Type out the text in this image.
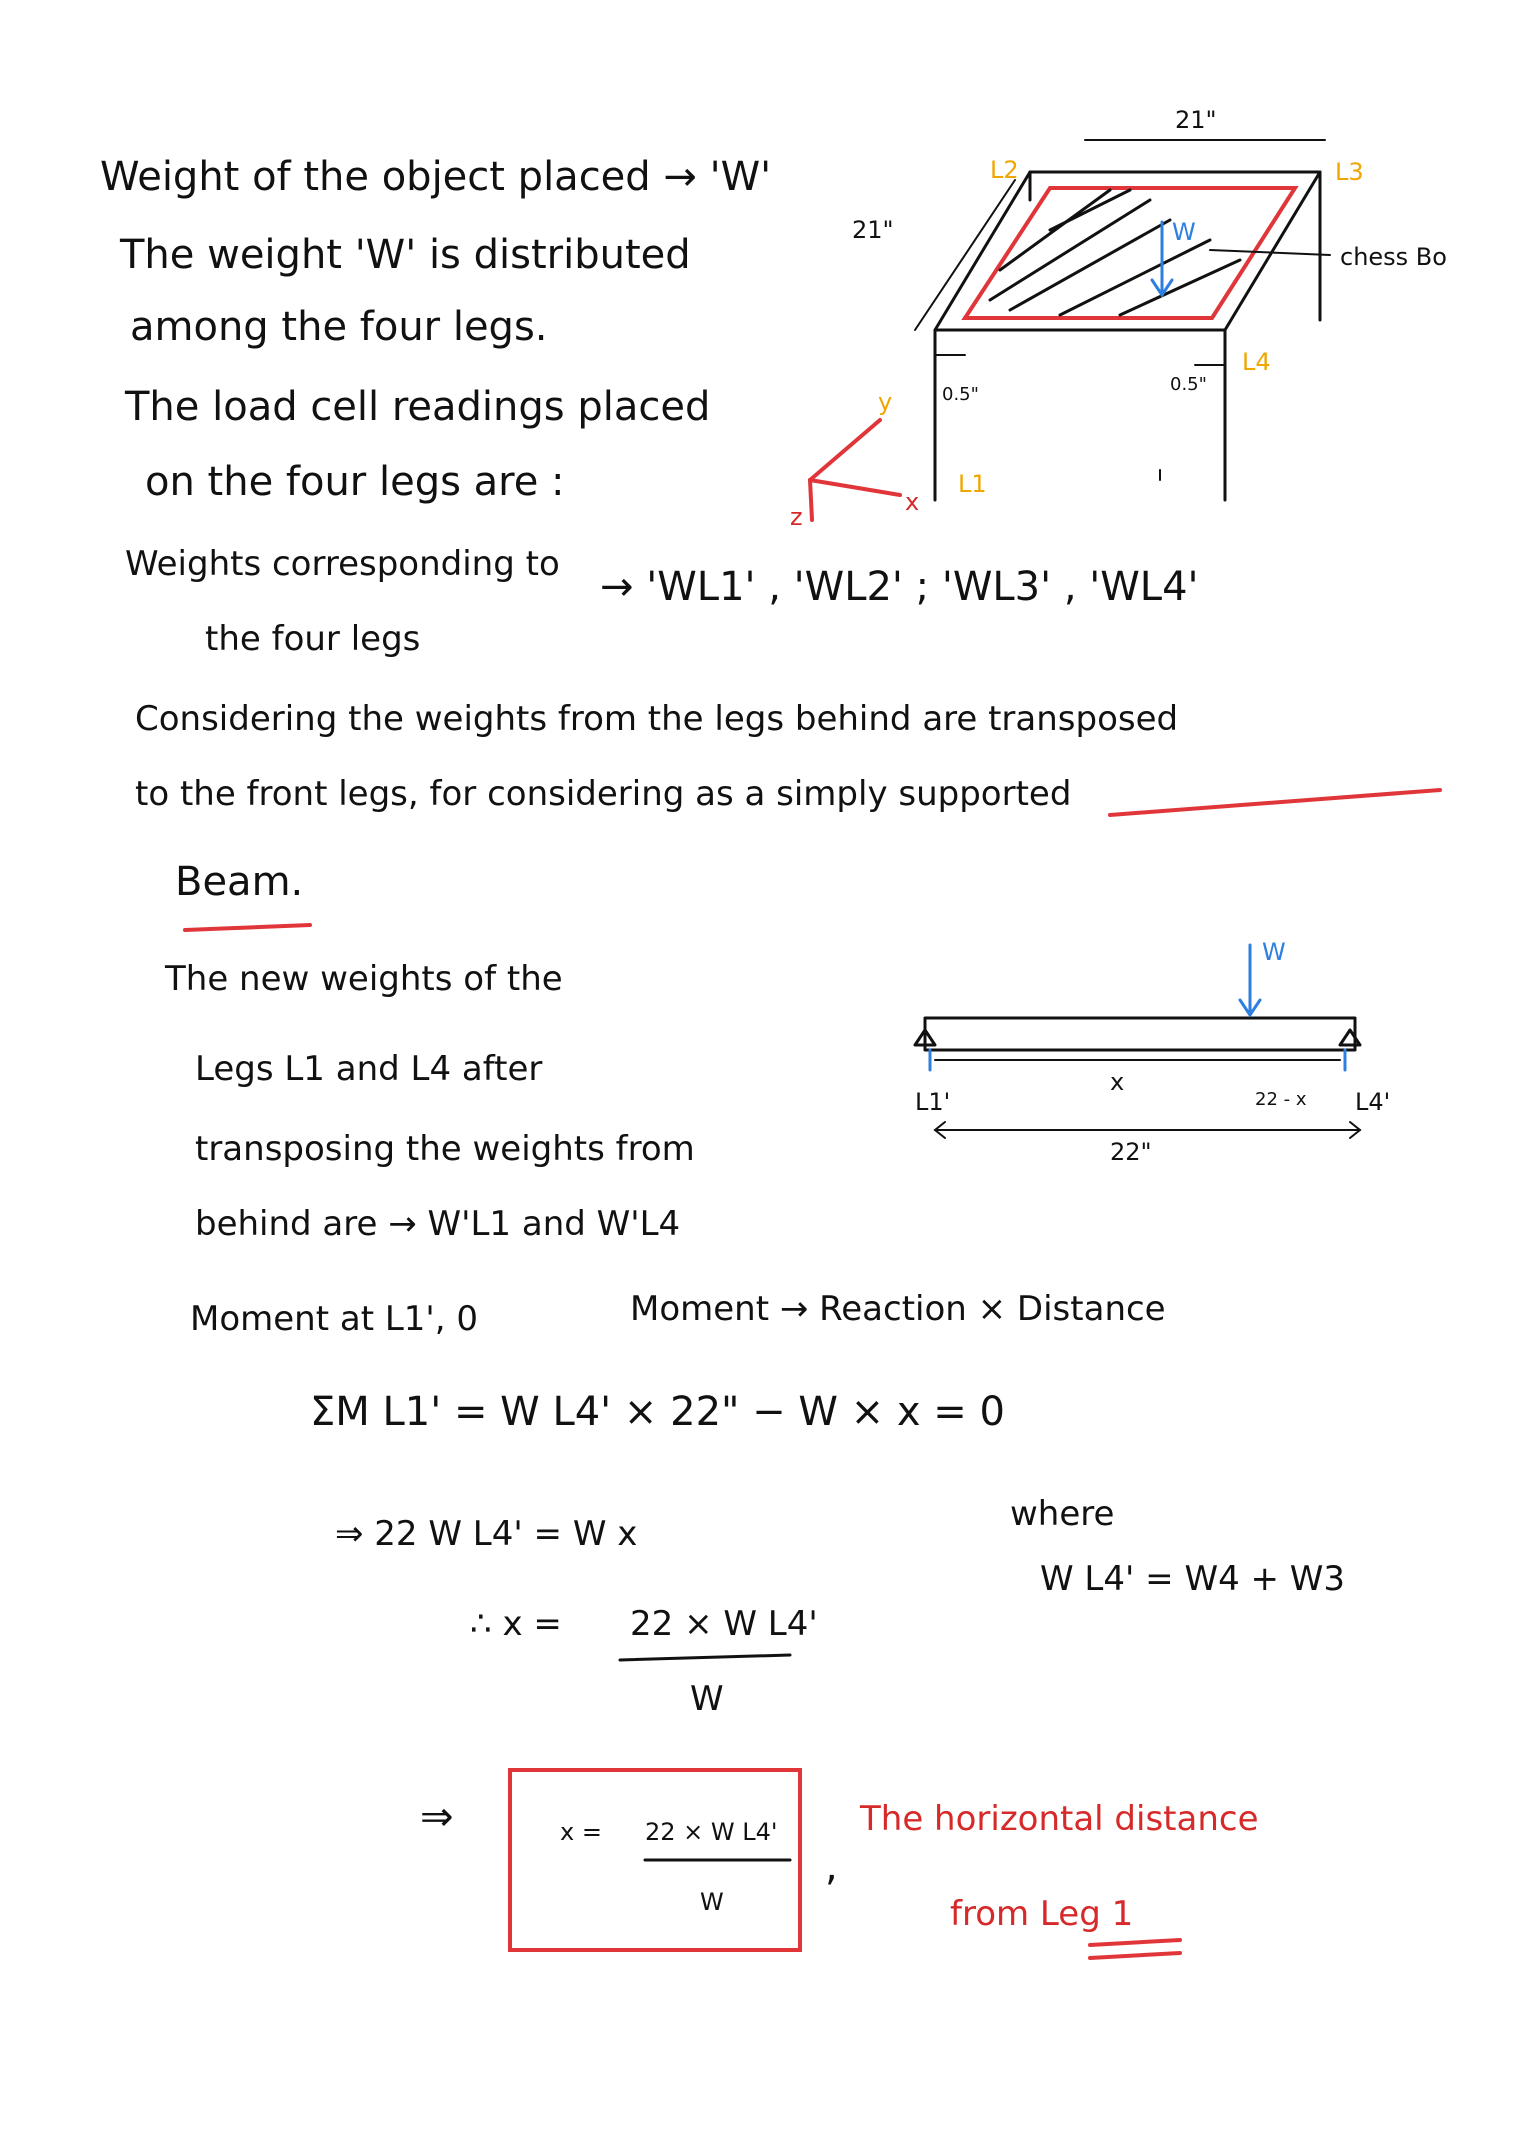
Weight of the object placed → 'W'
The weight 'W' is distributed
among the four legs.
The load cell readings placed
on the four legs are :
21"
21"
0.5"	0.5"
L1
L2	L3
L4
W
chess Bo
y
x
z
Weights corresponding to
the four legs
→ 'WL1' , 'WL2' ; 'WL3' , 'WL4'
Considering the weights from the legs behind are transposed
to the front legs, for considering as a simply supported
Beam.
The new weights of the
Legs L1 and L4 after
transposing the weights from
behind are → W'L1 and W'L4
W
L1'	L4'
x
22 - x
22"
Moment at L1', 0	Moment → Reaction × Distance
ΣM L1' = W L4' × 22" − W × x = 0
⇒ 22 W L4' = W x
∴ x = 22 × W L4'
W
where
W L4' = W4 + W3
⇒	x = 22 × W L4'
W
,
The horizontal distance
from Leg 1
